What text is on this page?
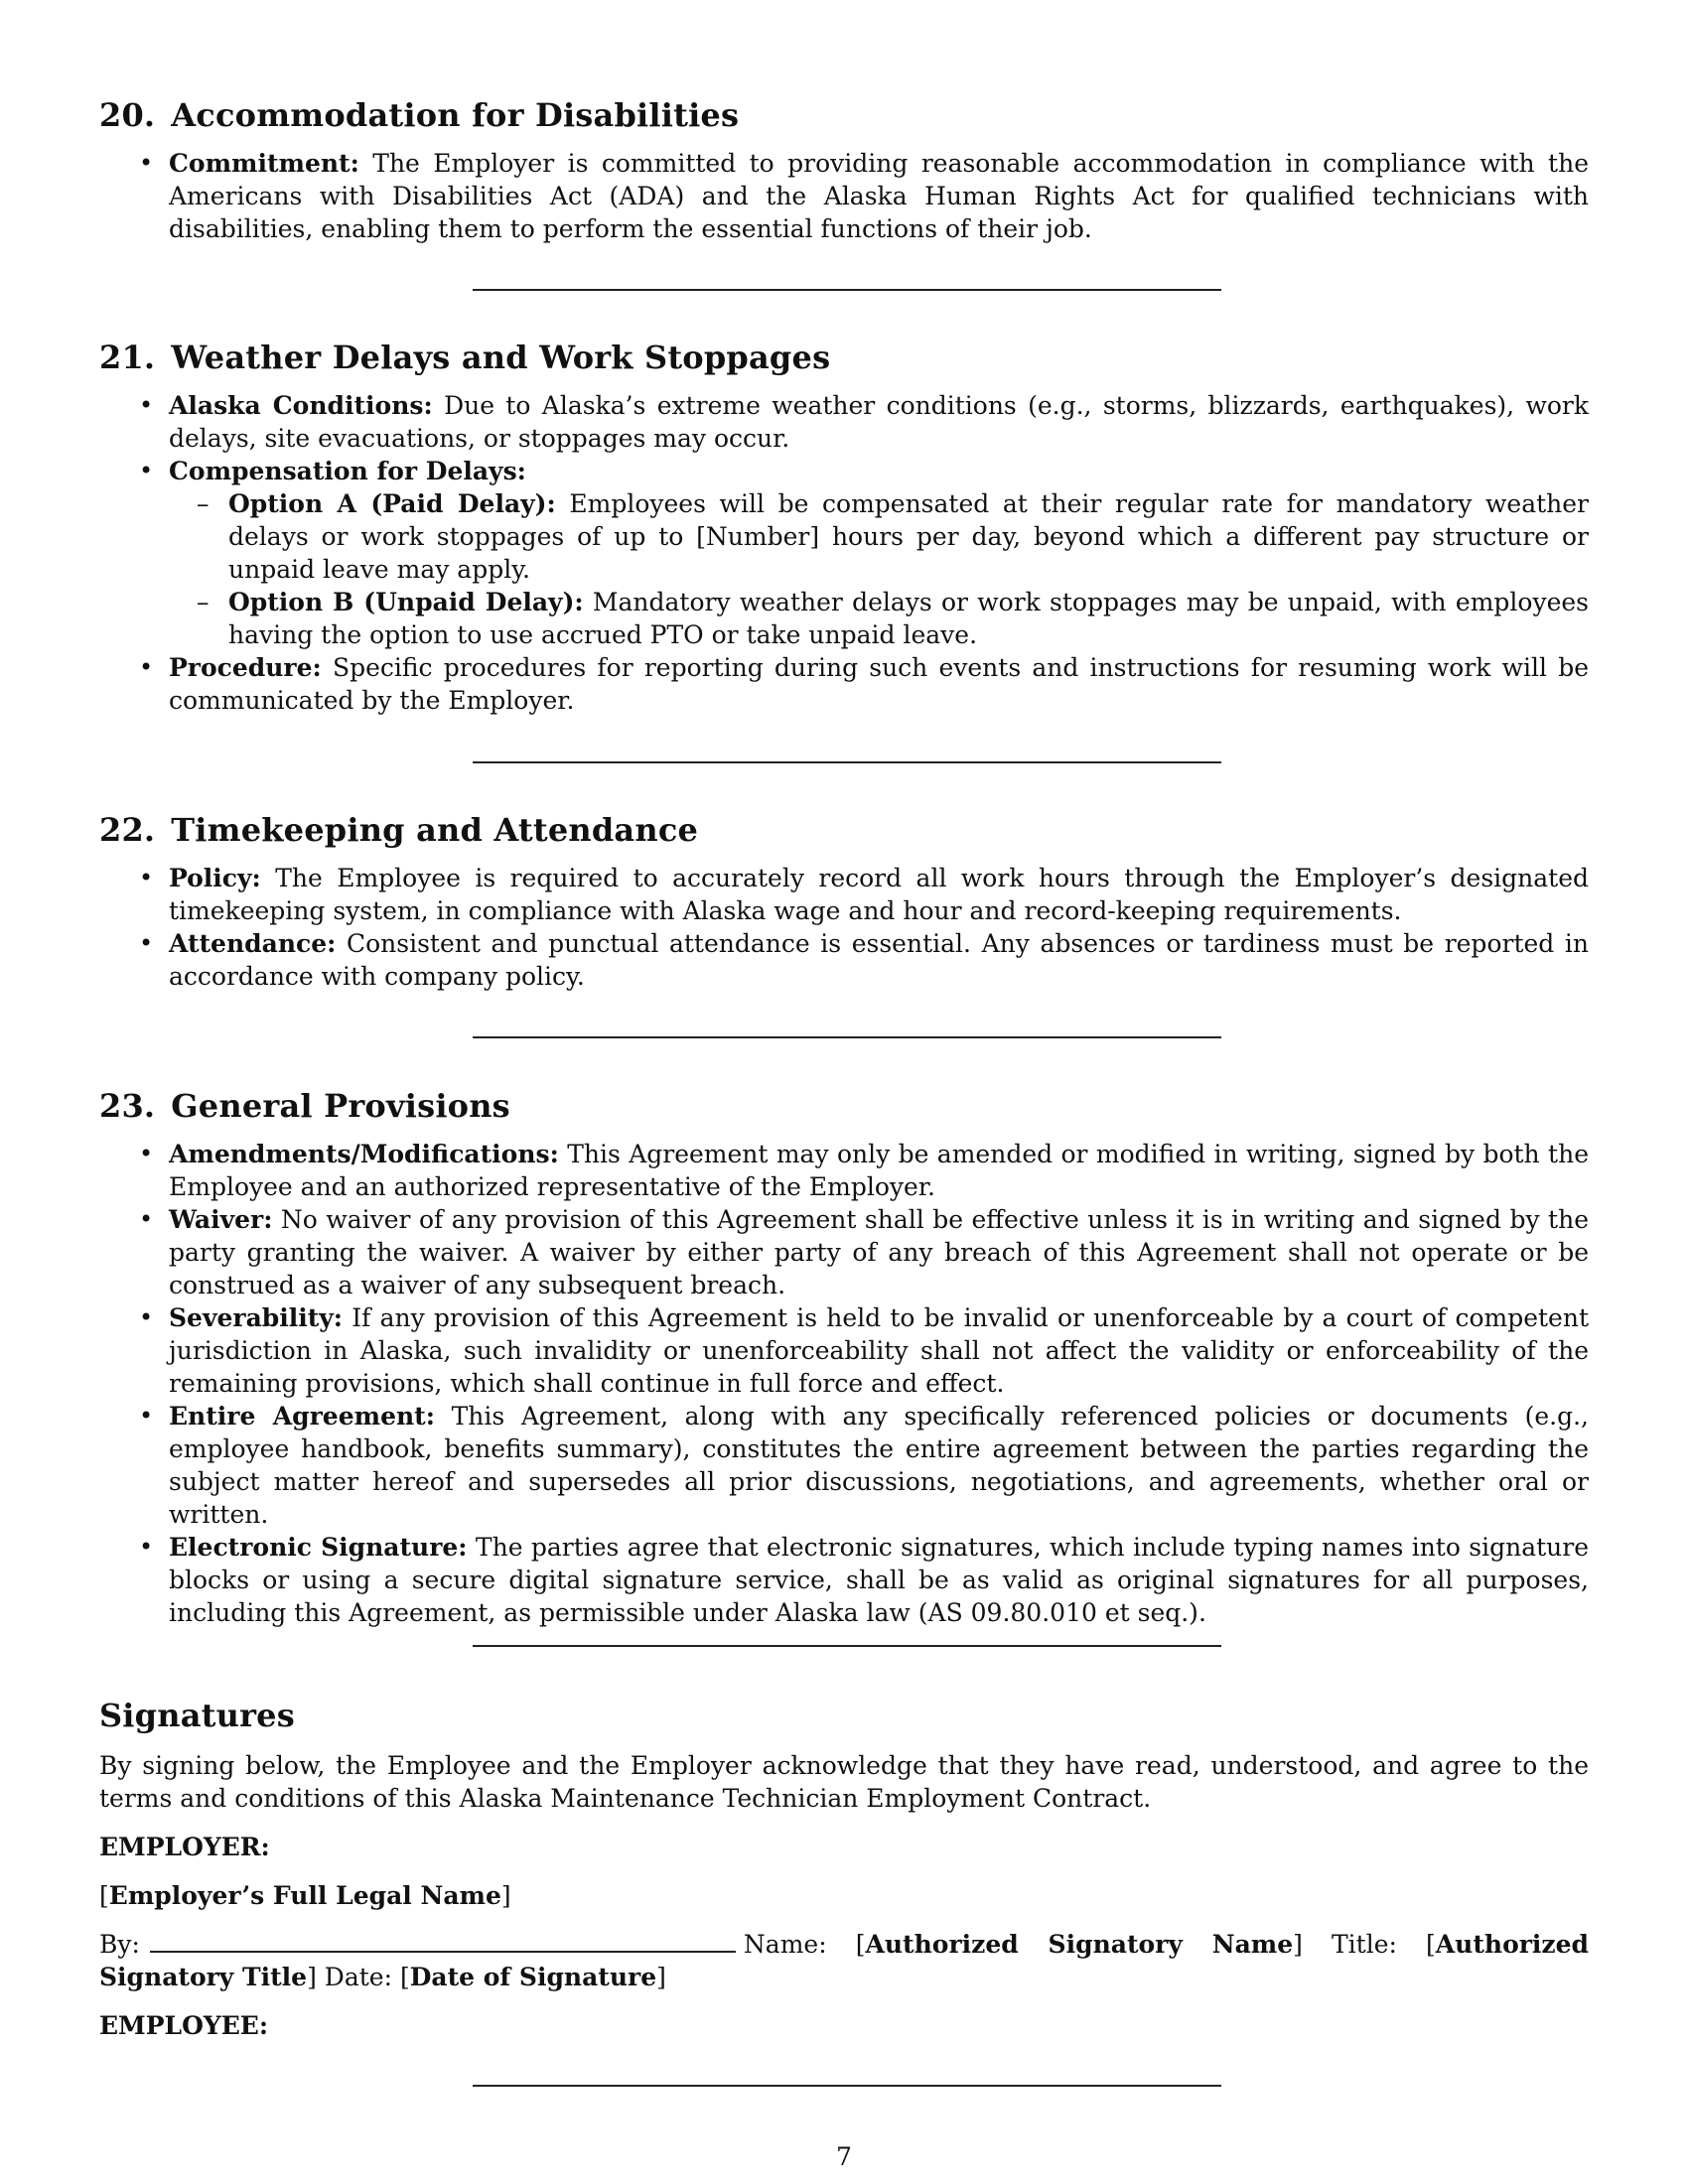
20. Accommodation for Disabilities
• Commitment: The Employer is committed to providing reasonable accommodation in compliance with the Americans with Disabilities Act (ADA) and the Alaska Human Rights Act for qualified technicians with disabilities, enabling them to perform the essential functions of their job.
21. Weather Delays and Work Stoppages
• Alaska Conditions: Due to Alaska’s extreme weather conditions (e.g., storms, blizzards, earthquakes), work delays, site evacuations, or stoppages may occur.
• Compensation for Delays:
– Option A (Paid Delay): Employees will be compensated at their regular rate for mandatory weather delays or work stoppages of up to [Number] hours per day, beyond which a different pay structure or unpaid leave may apply.
– Option B (Unpaid Delay): Mandatory weather delays or work stoppages may be unpaid, with employees having the option to use accrued PTO or take unpaid leave.
• Procedure: Specific procedures for reporting during such events and instructions for resuming work will be communicated by the Employer.
22. Timekeeping and Attendance
• Policy: The Employee is required to accurately record all work hours through the Employer’s designated timekeeping system, in compliance with Alaska wage and hour and record-keeping requirements.
• Attendance: Consistent and punctual attendance is essential. Any absences or tardiness must be reported in accordance with company policy.
23. General Provisions
• Amendments/Modifications: This Agreement may only be amended or modified in writing, signed by both the Employee and an authorized representative of the Employer.
• Waiver: No waiver of any provision of this Agreement shall be effective unless it is in writing and signed by the party granting the waiver. A waiver by either party of any breach of this Agreement shall not operate or be construed as a waiver of any subsequent breach.
• Severability: If any provision of this Agreement is held to be invalid or unenforceable by a court of competent jurisdiction in Alaska, such invalidity or unenforceability shall not affect the validity or enforceability of the remaining provisions, which shall continue in full force and effect.
• Entire Agreement: This Agreement, along with any specifically referenced policies or documents (e.g., employee handbook, benefits summary), constitutes the entire agreement between the parties regarding the subject matter hereof and supersedes all prior discussions, negotiations, and agreements, whether oral or written.
• Electronic Signature: The parties agree that electronic signatures, which include typing names into signature blocks or using a secure digital signature service, shall be as valid as original signatures for all purposes, including this Agreement, as permissible under Alaska law (AS 09.80.010 et seq.).
Signatures

By signing below, the Employee and the Employer acknowledge that they have read, understood, and agree to the terms and conditions of this Alaska Maintenance Technician Employment Contract.

EMPLOYER:

[Employer’s Full Legal Name]

By:	Name: [Authorized Signatory Name] Title: [Authorized Signatory Title] Date: [Date of Signature]

EMPLOYEE:

7
